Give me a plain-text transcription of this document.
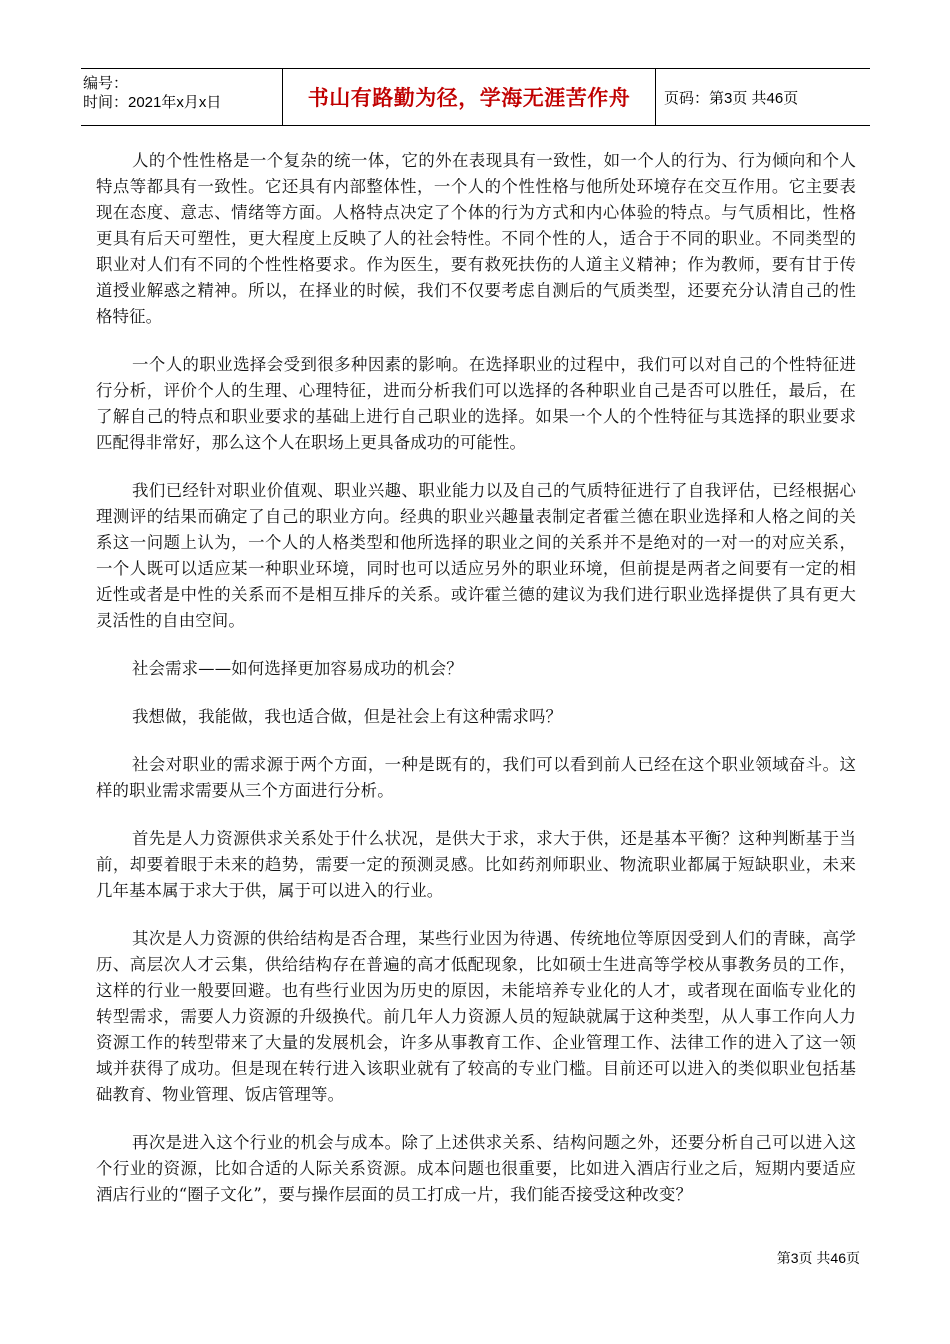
编号：
时间：2021年x月x日	书山有路勤为径，学海无涯苦作舟	页码：第3页 共46页

人的个性性格是一个复杂的统一体，它的外在表现具有一致性，如一个人的行为、行为倾向和个人特点等都具有一致性。它还具有内部整体性，一个人的个性性格与他所处环境存在交互作用。它主要表现在态度、意志、情绪等方面。人格特点决定了个体的行为方式和内心体验的特点。与气质相比，性格更具有后天可塑性，更大程度上反映了人的社会特性。不同个性的人，适合于不同的职业。不同类型的职业对人们有不同的个性性格要求。作为医生，要有救死扶伤的人道主义精神；作为教师，要有甘于传道授业解惑之精神。所以，在择业的时候，我们不仅要考虑自测后的气质类型，还要充分认清自己的性格特征。

一个人的职业选择会受到很多种因素的影响。在选择职业的过程中，我们可以对自己的个性特征进行分析，评价个人的生理、心理特征，进而分析我们可以选择的各种职业自己是否可以胜任，最后，在了解自己的特点和职业要求的基础上进行自己职业的选择。如果一个人的个性特征与其选择的职业要求匹配得非常好，那么这个人在职场上更具备成功的可能性。

我们已经针对职业价值观、职业兴趣、职业能力以及自己的气质特征进行了自我评估，已经根据心理测评的结果而确定了自己的职业方向。经典的职业兴趣量表制定者霍兰德在职业选择和人格之间的关系这一问题上认为，一个人的人格类型和他所选择的职业之间的关系并不是绝对的一对一的对应关系，一个人既可以适应某一种职业环境，同时也可以适应另外的职业环境，但前提是两者之间要有一定的相近性或者是中性的关系而不是相互排斥的关系。或许霍兰德的建议为我们进行职业选择提供了具有更大灵活性的自由空间。

社会需求——如何选择更加容易成功的机会？

我想做，我能做，我也适合做，但是社会上有这种需求吗？

社会对职业的需求源于两个方面，一种是既有的，我们可以看到前人已经在这个职业领域奋斗。这样的职业需求需要从三个方面进行分析。

首先是人力资源供求关系处于什么状况，是供大于求，求大于供，还是基本平衡？这种判断基于当前，却要着眼于未来的趋势，需要一定的预测灵感。比如药剂师职业、物流职业都属于短缺职业，未来几年基本属于求大于供，属于可以进入的行业。

其次是人力资源的供给结构是否合理，某些行业因为待遇、传统地位等原因受到人们的青睐，高学历、高层次人才云集，供给结构存在普遍的高才低配现象，比如硕士生进高等学校从事教务员的工作，这样的行业一般要回避。也有些行业因为历史的原因，未能培养专业化的人才，或者现在面临专业化的转型需求，需要人力资源的升级换代。前几年人力资源人员的短缺就属于这种类型，从人事工作向人力资源工作的转型带来了大量的发展机会，许多从事教育工作、企业管理工作、法律工作的进入了这一领域并获得了成功。但是现在转行进入该职业就有了较高的专业门槛。目前还可以进入的类似职业包括基础教育、物业管理、饭店管理等。

再次是进入这个行业的机会与成本。除了上述供求关系、结构问题之外，还要分析自己可以进入这个行业的资源，比如合适的人际关系资源。成本问题也很重要，比如进入酒店行业之后，短期内要适应酒店行业的“圈子文化”，要与操作层面的员工打成一片，我们能否接受这种改变？

第3页 共46页
